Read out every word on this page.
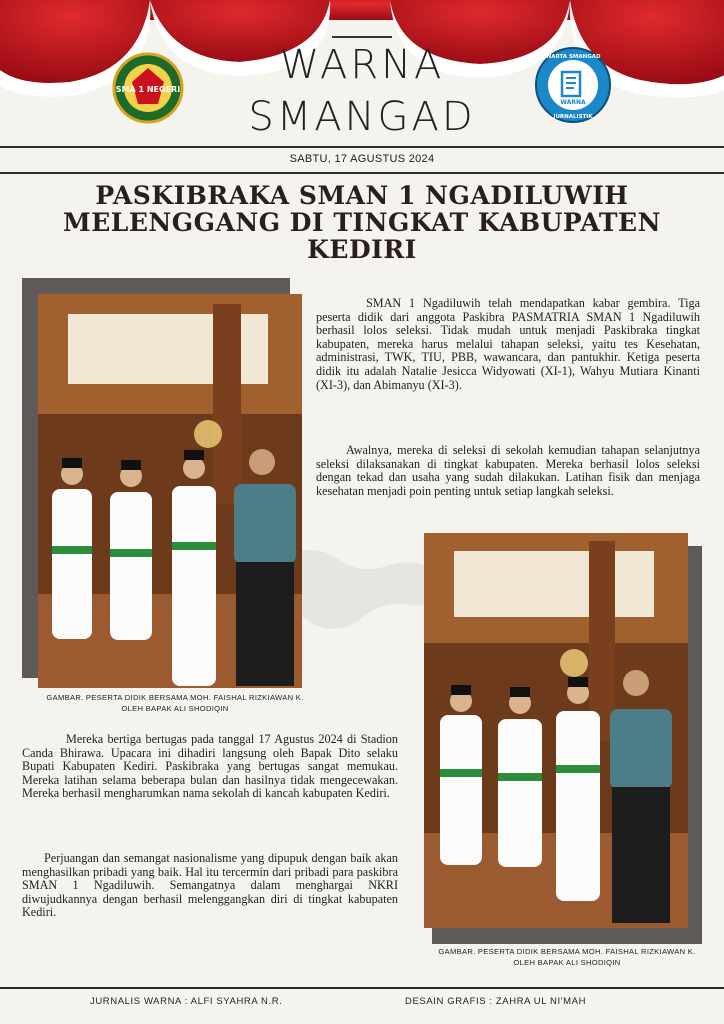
WARNA
SMANGAD
SMA 1 NEGERI
WARNA
WARTA SMANGAD
JURNALISTIK
SABTU, 17 AGUSTUS 2024
PASKIBRAKA SMAN 1 NGADILUWIH MELENGGANG DI TINGKAT KABUPATEN KEDIRI
GAMBAR. PESERTA DIDIK BERSAMA MOH. FAISHAL RIZKIAWAN K. OLEH BAPAK ALI SHODIQIN
SMAN 1 Ngadiluwih telah mendapatkan kabar gembira. Tiga peserta didik dari anggota Paskibra PASMATRIA SMAN 1 Ngadiluwih berhasil lolos seleksi. Tidak mudah untuk menjadi Paskibraka tingkat kabupaten, mereka harus melalui tahapan seleksi, yaitu tes Kesehatan, administrasi, TWK, TIU, PBB, wawancara, dan pantukhir. Ketiga peserta didik itu adalah Natalie Jesicca Widyowati (XI-1), Wahyu Mutiara Kinanti (XI-3), dan Abimanyu (XI-3).
Awalnya, mereka di seleksi di sekolah kemudian tahapan selanjutnya seleksi dilaksanakan di tingkat kabupaten. Mereka berhasil lolos seleksi dengan tekad dan usaha yang sudah dilakukan. Latihan fisik dan menjaga kesehatan menjadi poin penting untuk setiap langkah seleksi.
GAMBAR. PESERTA DIDIK BERSAMA MOH. FAISHAL RIZKIAWAN K. OLEH BAPAK ALI SHODIQIN
Mereka bertiga bertugas pada tanggal 17 Agustus 2024 di Stadion Canda Bhirawa. Upacara ini dihadiri langsung oleh Bapak Dito selaku Bupati Kabupaten Kediri. Paskibraka yang bertugas sangat memukau. Mereka latihan selama beberapa bulan dan hasilnya tidak mengecewakan. Mereka berhasil mengharumkan nama sekolah di kancah kabupaten Kediri.
Perjuangan dan semangat nasionalisme yang dipupuk dengan baik akan menghasilkan pribadi yang baik. Hal itu tercermin dari pribadi para paskibra SMAN 1 Ngadiluwih. Semangatnya dalam menghargai NKRI diwujudkannya dengan berhasil melenggangkan diri di tingkat kabupaten Kediri.
JURNALIS WARNA : ALFI SYAHRA N.R.	DESAIN GRAFIS : ZAHRA UL NI'MAH
